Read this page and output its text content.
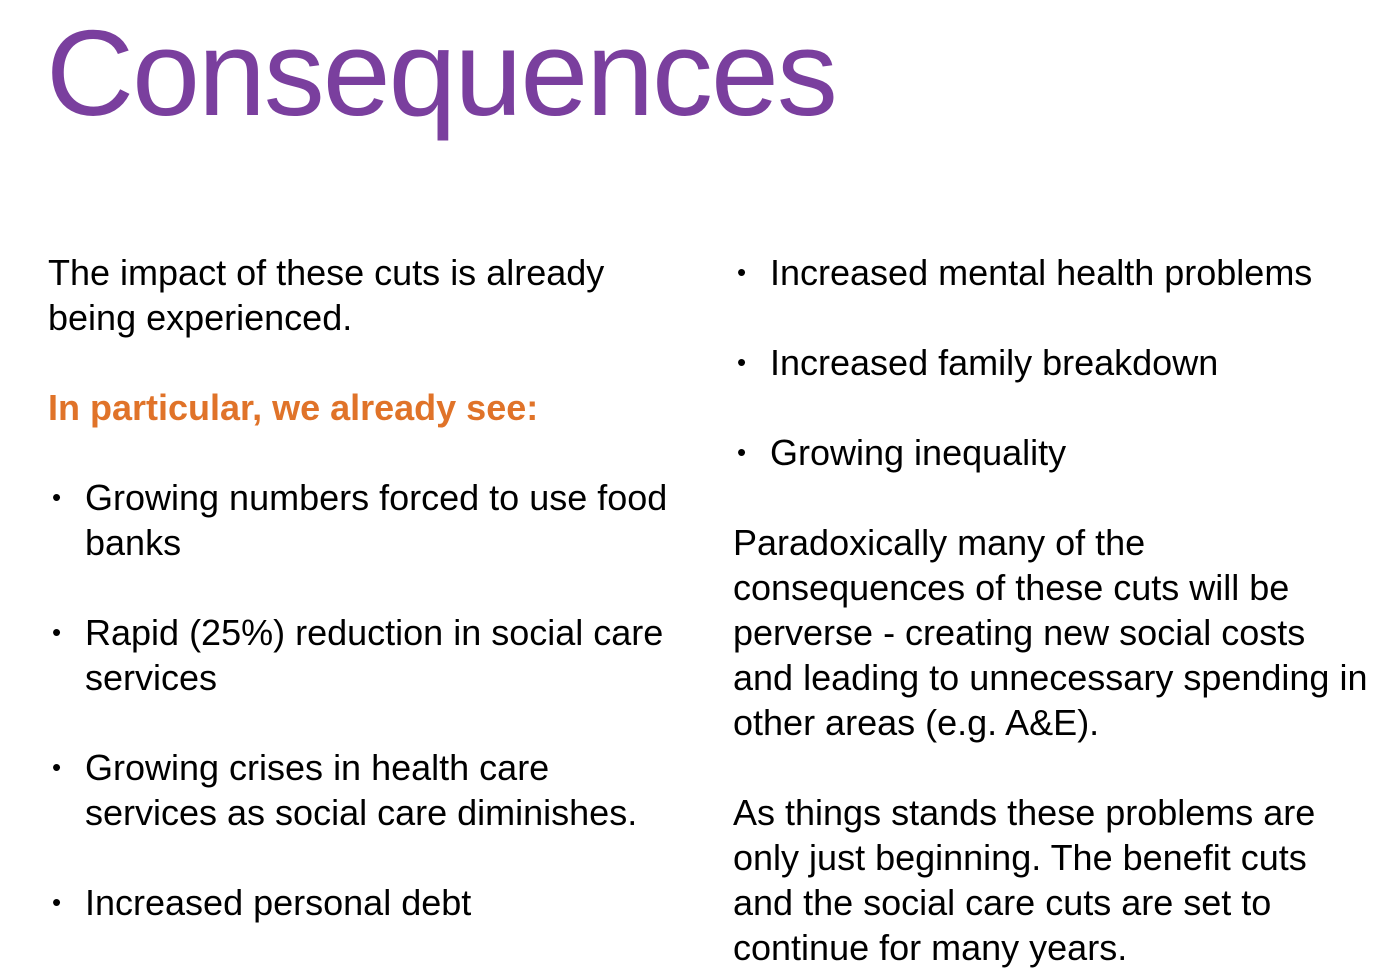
Consequences

The impact of these cuts is already being experienced.

In particular, we already see:

• Growing numbers forced to use food banks
• Rapid (25%) reduction in social care services
• Growing crises in health care services as social care diminishes.
• Increased personal debt
• Increased mental health problems
• Increased family breakdown
• Growing inequality

Paradoxically many of the consequences of these cuts will be perverse - creating new social costs and leading to unnecessary spending in other areas (e.g. A&E).

As things stands these problems are only just beginning. The benefit cuts and the social care cuts are set to continue for many years.
